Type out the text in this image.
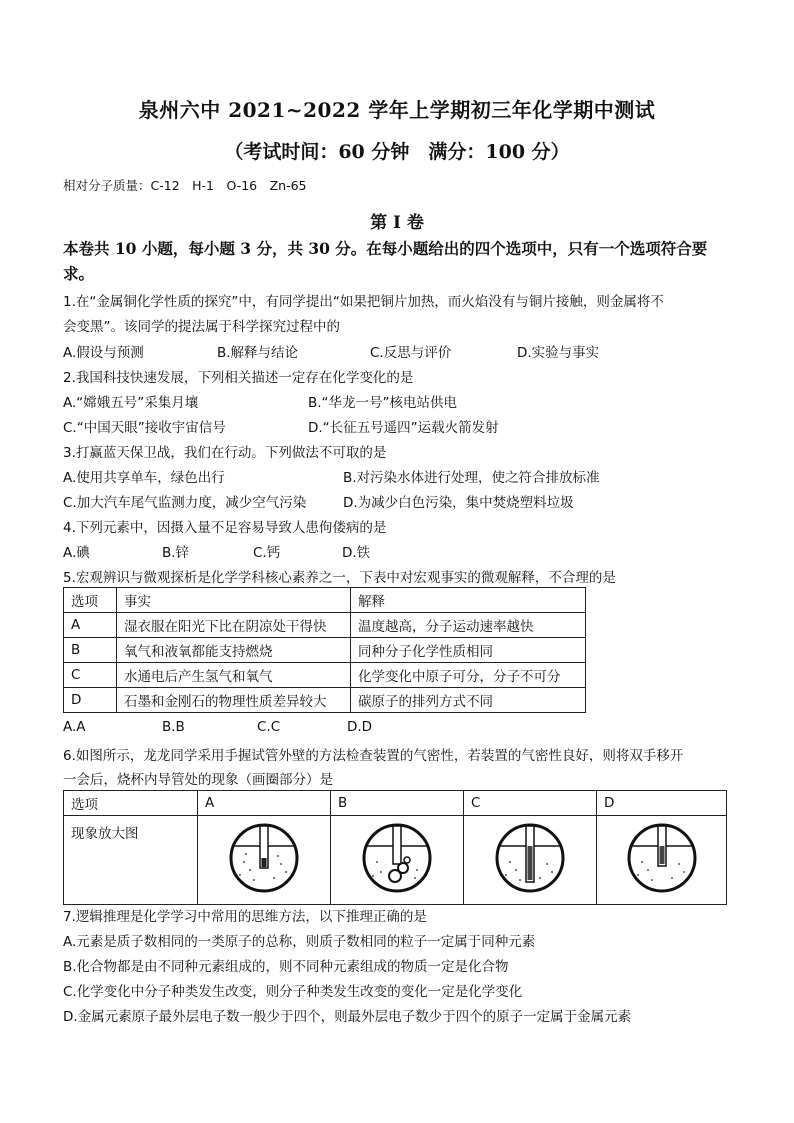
泉州六中 2021~2022 学年上学期初三年化学期中测试
（考试时间：60 分钟　满分：100 分）
相对分子质量：C-12　H-1　O-16　Zn-65
第 I 卷
本卷共 10 小题，每小题 3 分，共 30 分。在每小题给出的四个选项中，只有一个选项符合要求。
1.在“金属铜化学性质的探究”中，有同学提出“如果把铜片加热，而火焰没有与铜片接触，则金属将不
会变黑”。该同学的提法属于科学探究过程中的
A.假设与预测	B.解释与结论	C.反思与评价	D.实验与事实
2.我国科技快速发展，下列相关描述一定存在化学变化的是
A.“嫦娥五号”采集月壤	B.“华龙一号”核电站供电
C.“中国天眼”接收宇宙信号	D.“长征五号遥四”运载火箭发射
3.打赢蓝天保卫战，我们在行动。下列做法不可取的是
A.使用共享单车，绿色出行	B.对污染水体进行处理，使之符合排放标准
C.加大汽车尾气监测力度，减少空气污染	D.为减少白色污染，集中焚烧塑料垃圾
4.下列元素中，因摄入量不足容易导致人患佝偻病的是
A.碘	B.锌	C.钙	D.铁
5.宏观辨识与微观探析是化学学科核心素养之一，下表中对宏观事实的微观解释，不合理的是
选项	事实	解释
A	湿衣服在阳光下比在阴凉处干得快	温度越高，分子运动速率越快
B	氧气和液氧都能支持燃烧	同种分子化学性质相同
C	水通电后产生氢气和氧气	化学变化中原子可分，分子不可分
D	石墨和金刚石的物理性质差异较大	碳原子的排列方式不同
A.A	B.B	C.C	D.D
6.如图所示，龙龙同学采用手握试管外壁的方法检查装置的气密性，若装置的气密性良好，则将双手移开
一会后，烧杯内导管处的现象（画圈部分）是
选项	A	B	C	D
现象放大图				
7.逻辑推理是化学学习中常用的思维方法，以下推理正确的是
A.元素是质子数相同的一类原子的总称，则质子数相同的粒子一定属于同种元素
B.化合物都是由不同种元素组成的，则不同种元素组成的物质一定是化合物
C.化学变化中分子种类发生改变，则分子种类发生改变的变化一定是化学变化
D.金属元素原子最外层电子数一般少于四个，则最外层电子数少于四个的原子一定属于金属元素
